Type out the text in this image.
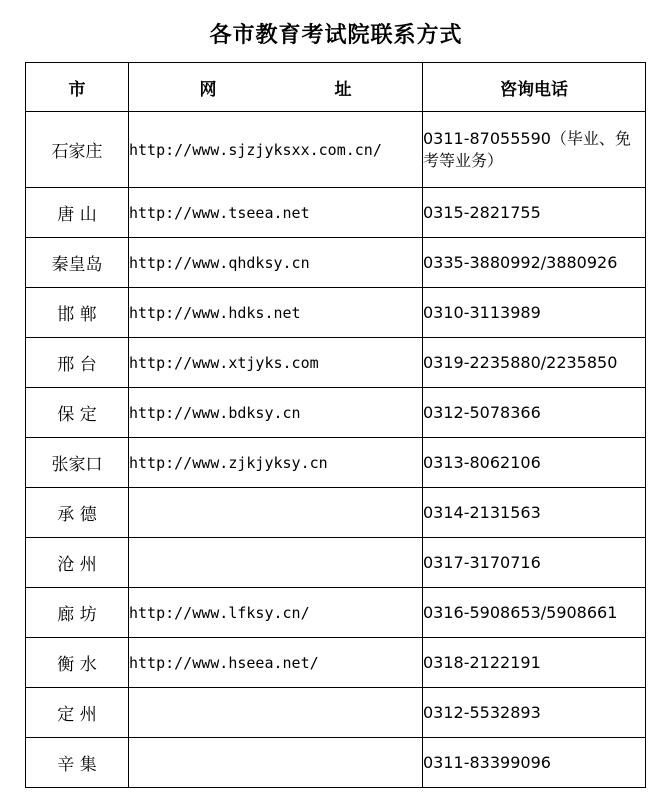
各市教育考试院联系方式
市	网 址	咨询电话
石家庄	http://www.sjzjyksxx.com.cn/	0311-87055590（毕业、免考等业务）
唐 山	http://www.tseea.net	0315-2821755
秦皇岛	http://www.qhdksy.cn	0335-3880992/3880926
邯 郸	http://www.hdks.net	0310-3113989
邢 台	http://www.xtjyks.com	0319-2235880/2235850
保 定	http://www.bdksy.cn	0312-5078366
张家口	http://www.zjkjyksy.cn	0313-8062106
承 德		0314-2131563
沧 州		0317-3170716
廊 坊	http://www.lfksy.cn/	0316-5908653/5908661
衡 水	http://www.hseea.net/	0318-2122191
定 州		0312-5532893
辛 集		0311-83399096
